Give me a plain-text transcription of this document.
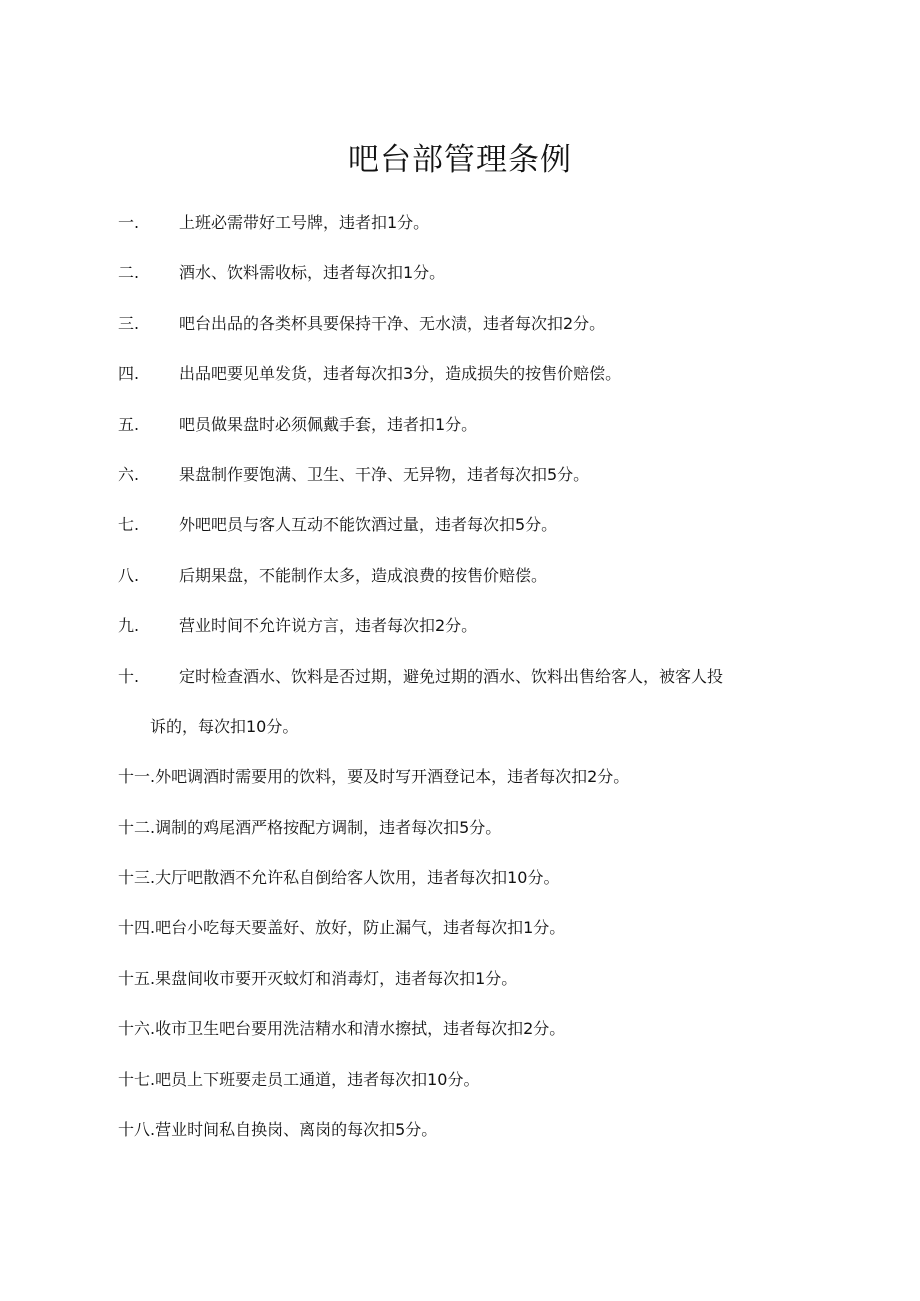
吧台部管理条例
一. 上班必需带好工号牌，违者扣1分。
二. 酒水、饮料需收标，违者每次扣1分。
三. 吧台出品的各类杯具要保持干净、无水渍，违者每次扣2分。
四. 出品吧要见单发货，违者每次扣3分，造成损失的按售价赔偿。
五. 吧员做果盘时必须佩戴手套，违者扣1分。
六. 果盘制作要饱满、卫生、干净、无异物，违者每次扣5分。
七. 外吧吧员与客人互动不能饮酒过量，违者每次扣5分。
八. 后期果盘，不能制作太多，造成浪费的按售价赔偿。
九. 营业时间不允许说方言，违者每次扣2分。
十. 定时检查酒水、饮料是否过期，避免过期的酒水、饮料出售给客人，被客人投
诉的，每次扣10分。
十一.外吧调酒时需要用的饮料，要及时写开酒登记本，违者每次扣2分。
十二.调制的鸡尾酒严格按配方调制，违者每次扣5分。
十三.大厅吧散酒不允许私自倒给客人饮用，违者每次扣10分。
十四.吧台小吃每天要盖好、放好，防止漏气，违者每次扣1分。
十五.果盘间收市要开灭蚊灯和消毒灯，违者每次扣1分。
十六.收市卫生吧台要用洗洁精水和清水擦拭，违者每次扣2分。
十七.吧员上下班要走员工通道，违者每次扣10分。
十八.营业时间私自换岗、离岗的每次扣5分。
